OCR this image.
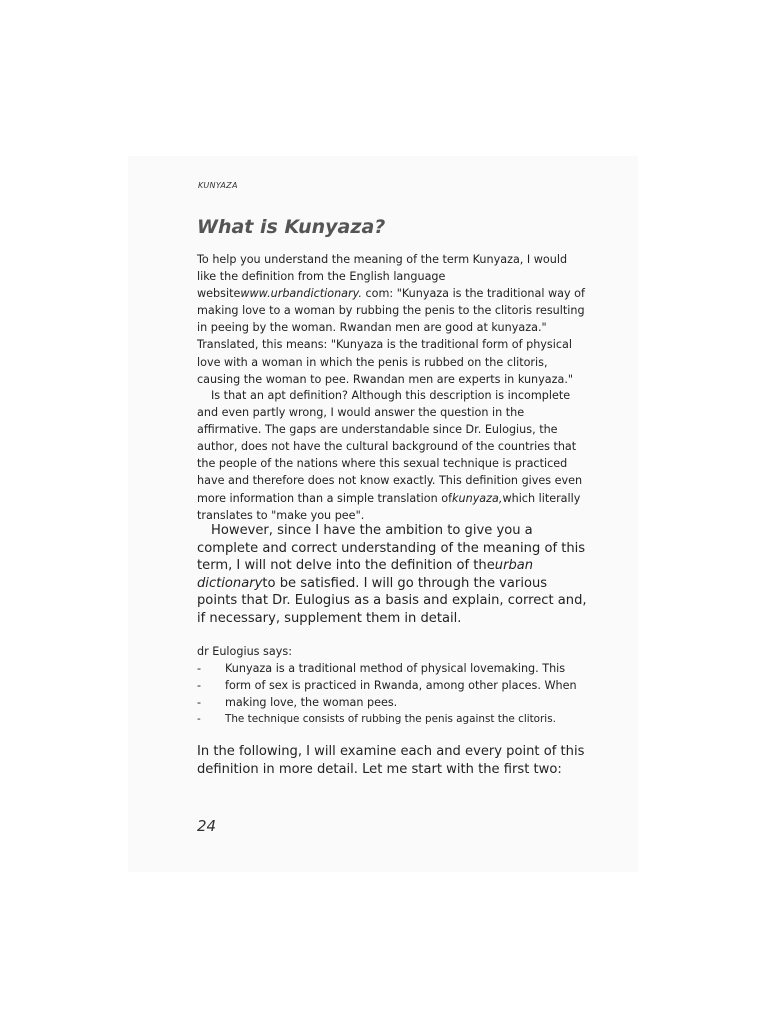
KUNYAZA
What is Kunyaza?

To help you understand the meaning of the term Kunyaza, I would like the definition from the English language websitewww.urbandictionary. com: "Kunyaza is the traditional way of making love to a woman by rubbing the penis to the clitoris resulting in peeing by the woman. Rwandan men are good at kunyaza." Translated, this means: "Kunyaza is the traditional form of physical love with a woman in which the penis is rubbed on the clitoris, causing the woman to pee. Rwandan men are experts in kunyaza."

Is that an apt definition? Although this description is incomplete and even partly wrong, I would answer the question in the affirmative. The gaps are understandable since Dr. Eulogius, the author, does not have the cultural background of the countries that the people of the nations where this sexual technique is practiced have and therefore does not know exactly. This definition gives even more information than a simple translation ofkunyaza,which literally translates to "make you pee".

However, since I have the ambition to give you a complete and correct understanding of the meaning of this term, I will not delve into the definition of theurban dictionaryto be satisfied. I will go through the various points that Dr. Eulogius as a basis and explain, correct and, if necessary, supplement them in detail.

dr Eulogius says:
- Kunyaza is a traditional method of physical lovemaking. This
- form of sex is practiced in Rwanda, among other places. When
- making love, the woman pees.
- The technique consists of rubbing the penis against the clitoris.

In the following, I will examine each and every point of this definition in more detail. Let me start with the first two:

24
